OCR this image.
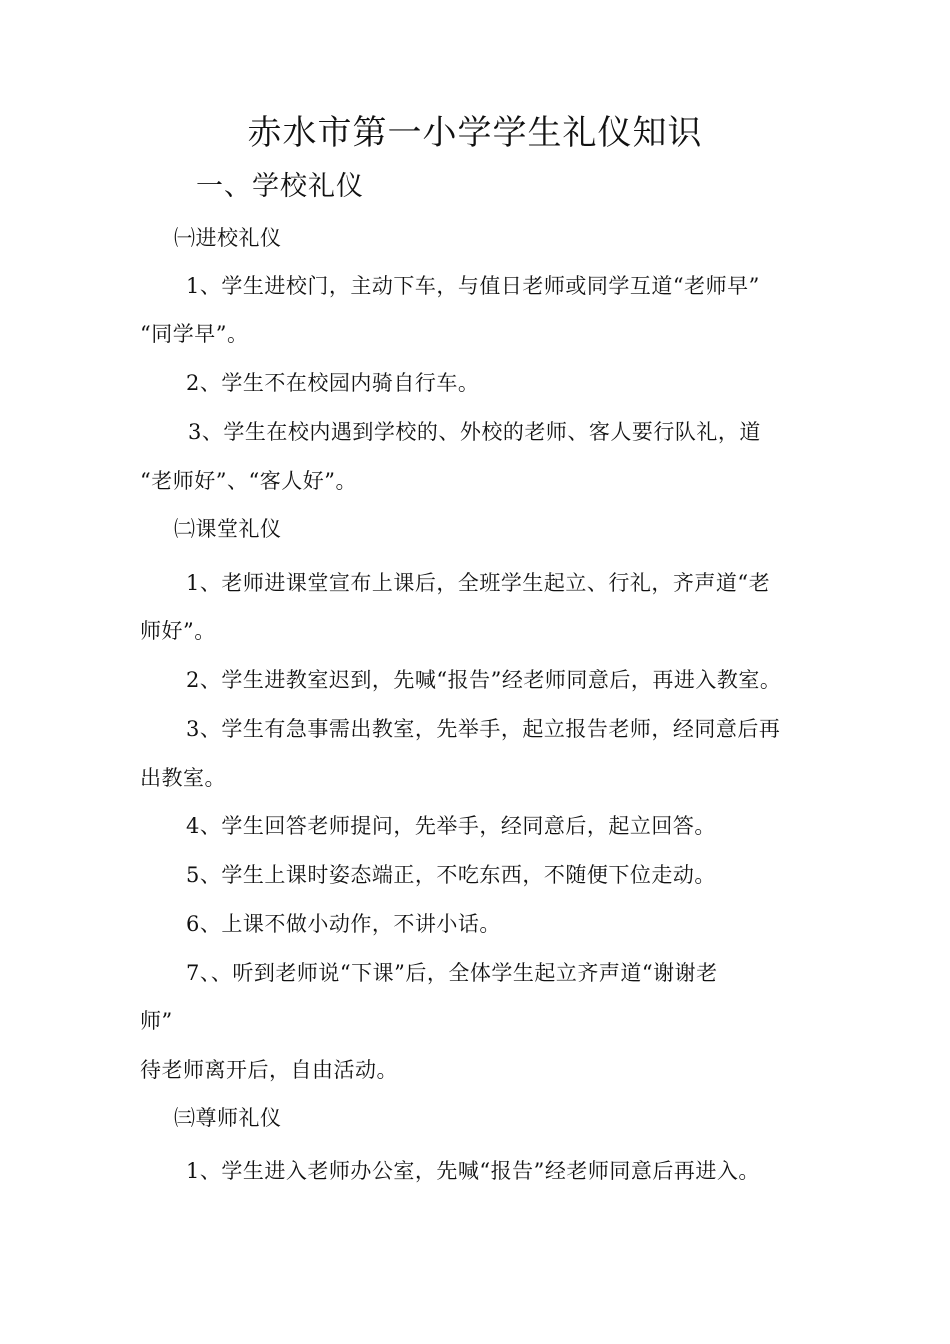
赤水市第一小学学生礼仪知识
一、学校礼仪
㈠进校礼仪
1、学生进校门，主动下车，与值日老师或同学互道“老师早”
“同学早”。
2、学生不在校园内骑自行车。
3、学生在校内遇到学校的、外校的老师、客人要行队礼，道
“老师好”、“客人好”。
㈡课堂礼仪
1、老师进课堂宣布上课后，全班学生起立、行礼，齐声道“老
师好”。
2、学生进教室迟到，先喊“报告”经老师同意后，再进入教室。
3、学生有急事需出教室，先举手，起立报告老师，经同意后再
出教室。
4、学生回答老师提问，先举手，经同意后，起立回答。
5、学生上课时姿态端正，不吃东西，不随便下位走动。
6、上课不做小动作，不讲小话。
7、、听到老师说“下课”后，全体学生起立齐声道“谢谢老
师”
待老师离开后，自由活动。
㈢尊师礼仪
1、学生进入老师办公室，先喊“报告”经老师同意后再进入。
